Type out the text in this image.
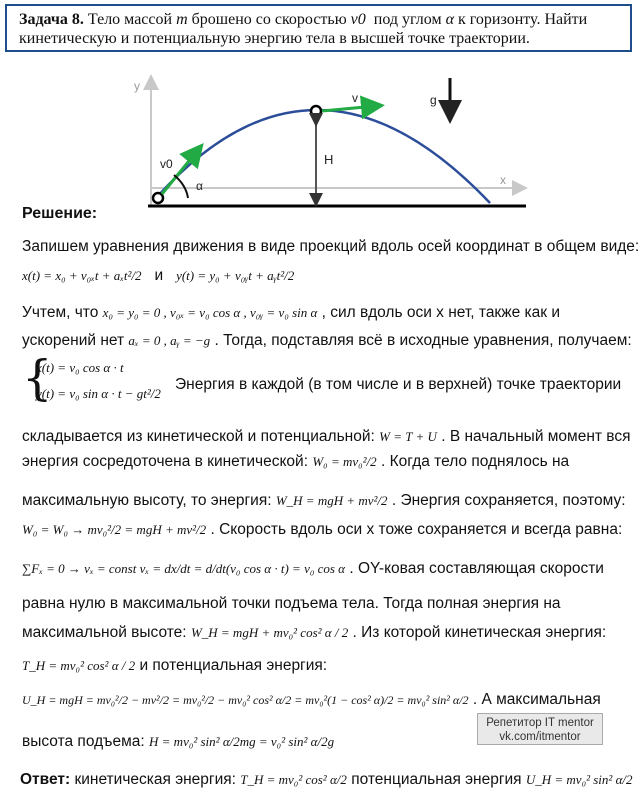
Задача 8. Тело массой m брошено со скоростью v0 под углом α к горизонту. Найти
кинетическую и потенциальную энергию тела в высшей точке траектории.
y
x
v0
α
v
H
g
Решение:
Запишем уравнения движения в виде проекций вдоль осей координат в общем виде:
x(t) = x₀ + v₀ₓt + aₓt²/2 и y(t) = y₀ + v₀ᵧt + aᵧt²/2
Учтем, что x₀ = y₀ = 0 , v₀ₓ = v₀ cos α , v₀ᵧ = v₀ sin α , сил вдоль оси х нет, также как и
ускорений нет aₓ = 0 , aᵧ = −g . Тогда, подставляя всё в исходные уравнения, получаем:
{
x(t) = v₀ cos α · t
y(t) = v₀ sin α · t − gt²/2
Энергия в каждой (в том числе и в верхней) точке траектории
складывается из кинетической и потенциальной: W = T + U . В начальный момент вся
энергия сосредоточена в кинетической: W₀ = mv₀²/2 . Когда тело поднялось на
максимальную высоту, то энергия: W_H = mgH + mv²/2 . Энергия сохраняется, поэтому:
W₀ = W₀ → mv₀²/2 = mgH + mv²/2 . Скорость вдоль оси х тоже сохраняется и всегда равна:
∑Fₓ = 0 → vₓ = const vₓ = dx/dt = d/dt(v₀ cos α · t) = v₀ cos α . OY-ковая составляющая скорости
равна нулю в максимальной точки подъема тела. Тогда полная энергия на
максимальной высоте: W_H = mgH + mv₀² cos² α / 2 . Из которой кинетическая энергия:
T_H = mv₀² cos² α / 2 и потенциальная энергия:
U_H = mgH = mv₀²/2 − mv²/2 = mv₀²/2 − mv₀² cos² α/2 = mv₀²(1 − cos² α)/2 = mv₀² sin² α/2 . А максимальная
высота подъема: H = mv₀² sin² α/2mg = v₀² sin² α/2g
Ответ: кинетическая энергия: T_H = mv₀² cos² α/2 потенциальная энергия U_H = mv₀² sin² α/2
Репетитор IT mentor
vk.com/itmentor
